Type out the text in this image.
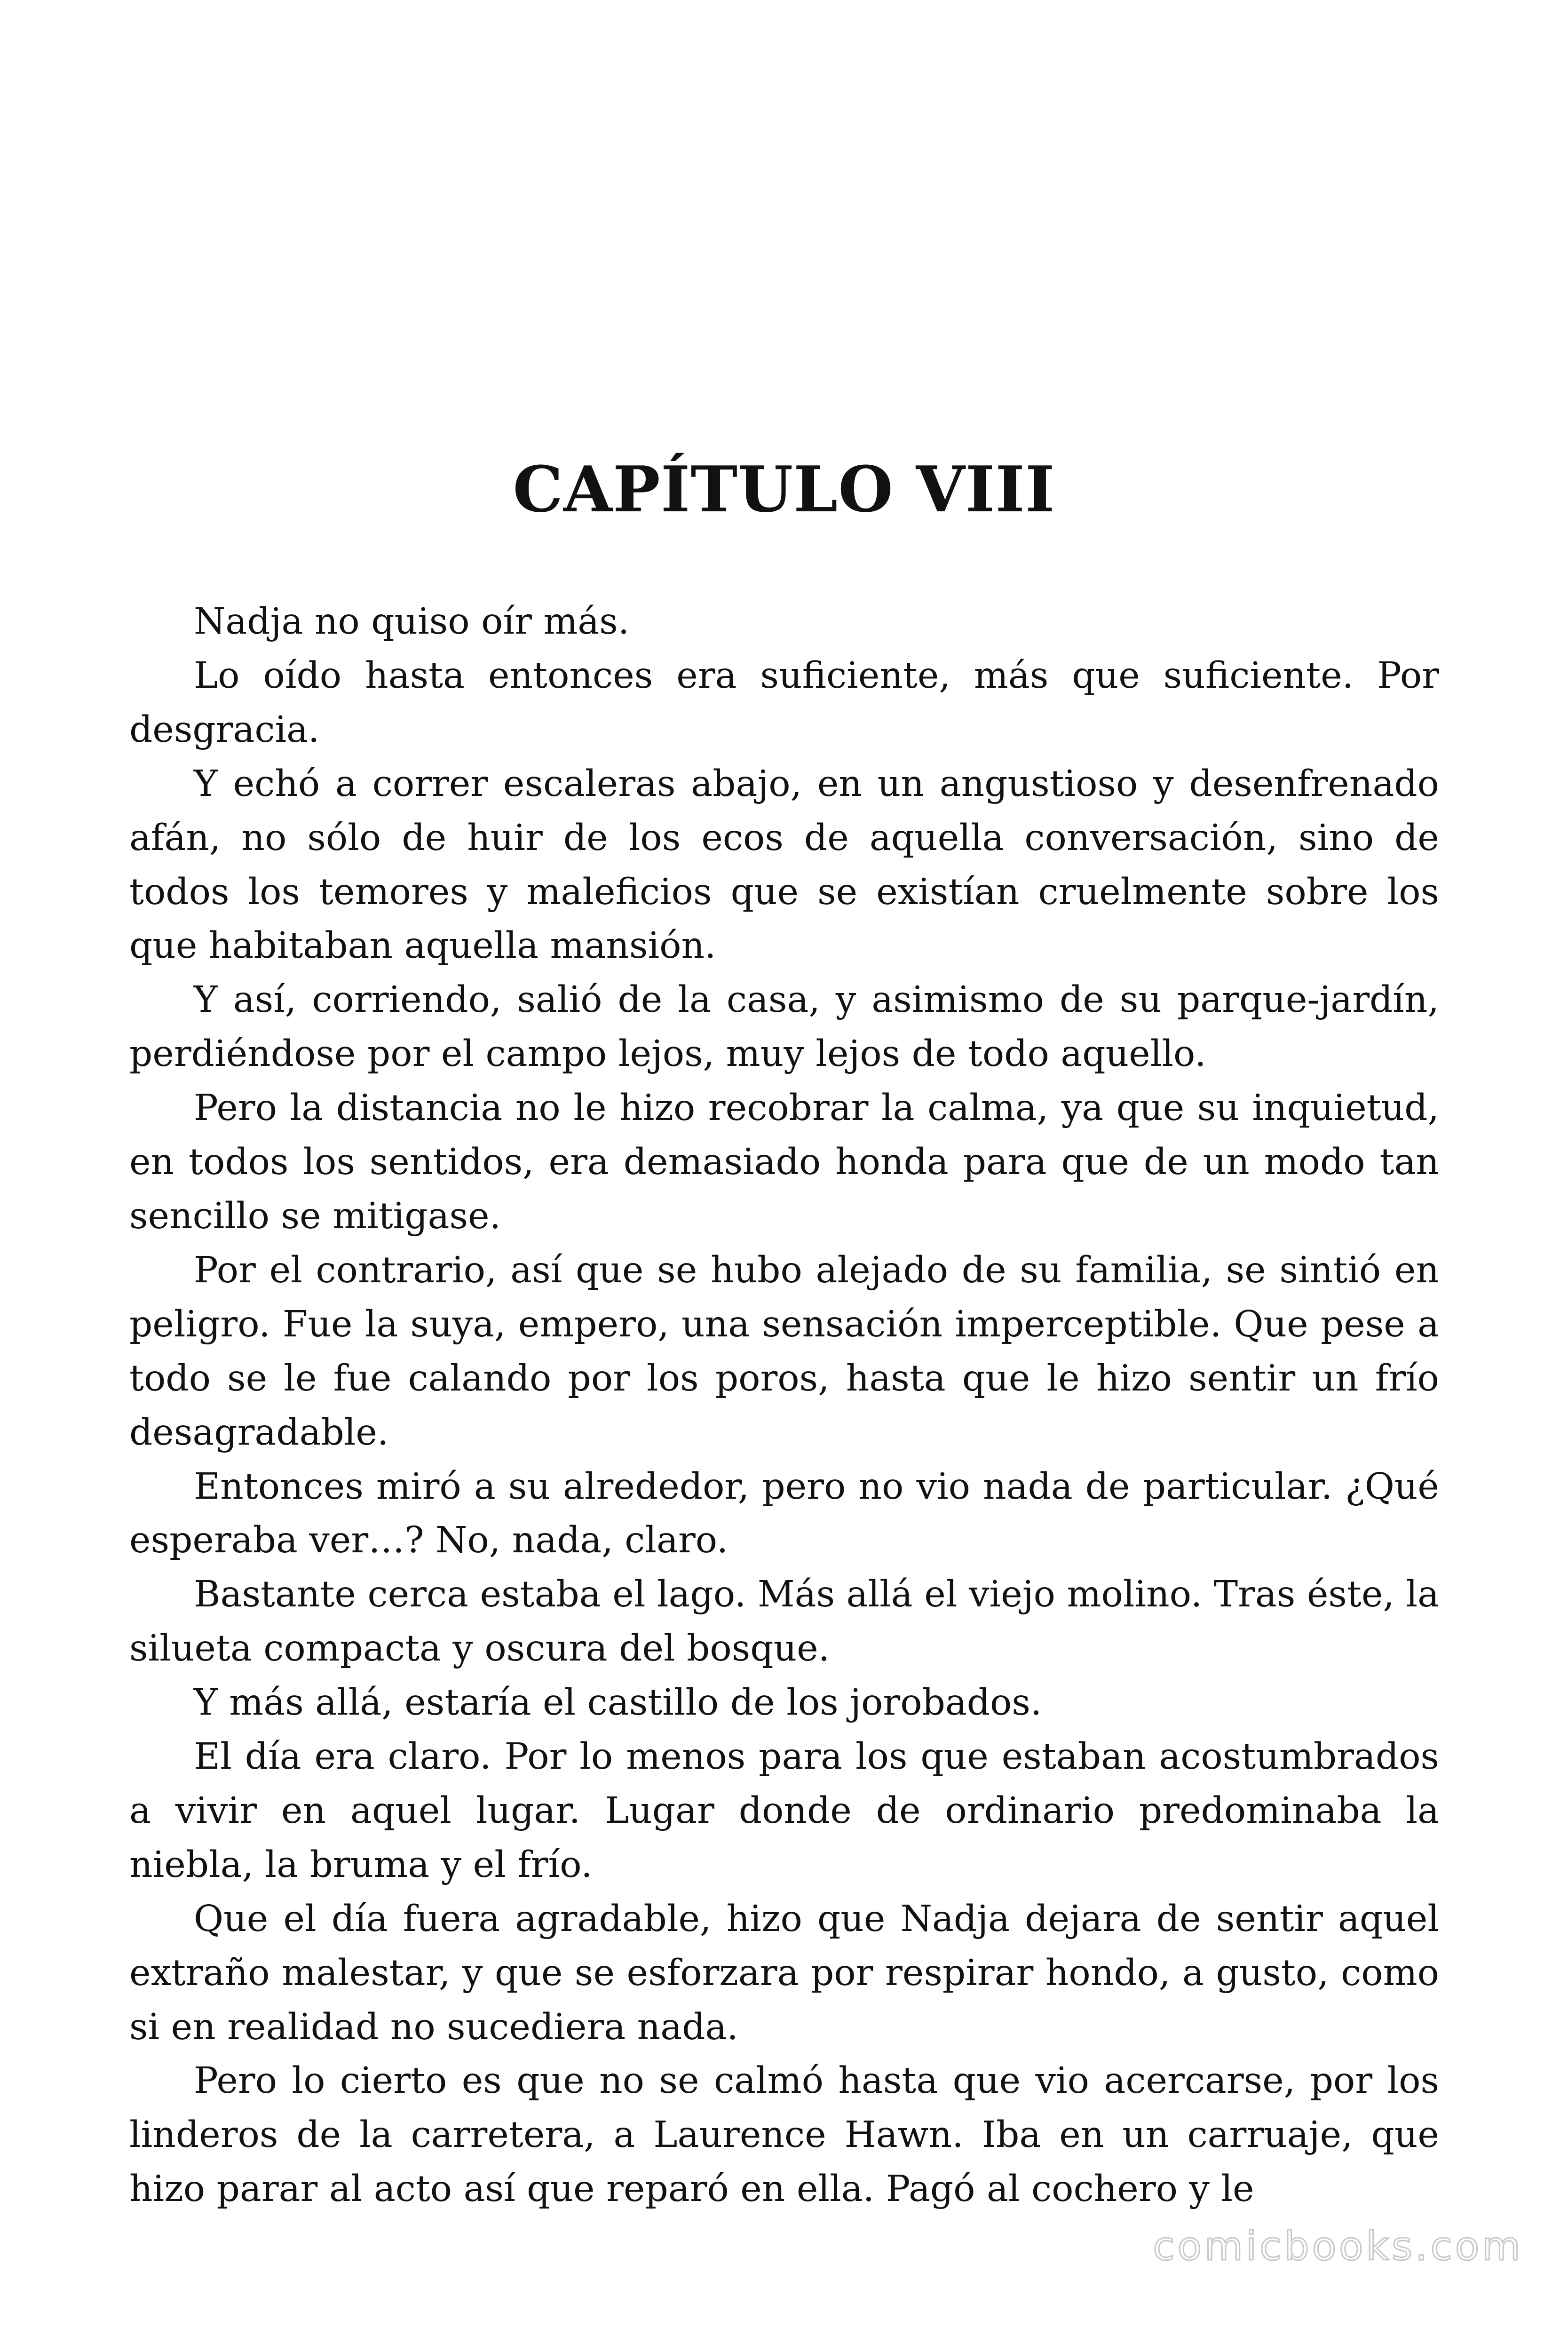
CAPÍTULO VIII

Nadja no quiso oír más.

Lo oído hasta entonces era suficiente, más que suficiente. Por desgracia.

Y echó a correr escaleras abajo, en un angustioso y desenfrenado afán, no sólo de huir de los ecos de aquella conversación, sino de todos los temores y maleficios que se existían cruelmente sobre los que habitaban aquella mansión.

Y así, corriendo, salió de la casa, y asimismo de su parque-jardín, perdiéndose por el campo lejos, muy lejos de todo aquello.

Pero la distancia no le hizo recobrar la calma, ya que su inquietud, en todos los sentidos, era demasiado honda para que de un modo tan sencillo se mitigase.

Por el contrario, así que se hubo alejado de su familia, se sintió en peligro. Fue la suya, empero, una sensación imperceptible. Que pese a todo se le fue calando por los poros, hasta que le hizo sentir un frío desagradable.

Entonces miró a su alrededor, pero no vio nada de particular. ¿Qué esperaba ver…? No, nada, claro.

Bastante cerca estaba el lago. Más allá el viejo molino. Tras éste, la silueta compacta y oscura del bosque.

Y más allá, estaría el castillo de los jorobados.

El día era claro. Por lo menos para los que estaban acostumbrados a vivir en aquel lugar. Lugar donde de ordinario predominaba la niebla, la bruma y el frío.

Que el día fuera agradable, hizo que Nadja dejara de sentir aquel extraño malestar, y que se esforzara por respirar hondo, a gusto, como si en realidad no sucediera nada.

Pero lo cierto es que no se calmó hasta que vio acercarse, por los linderos de la carretera, a Laurence Hawn. Iba en un carruaje, que hizo parar al acto así que reparó en ella. Pagó al cochero y le

comicbooks.com
